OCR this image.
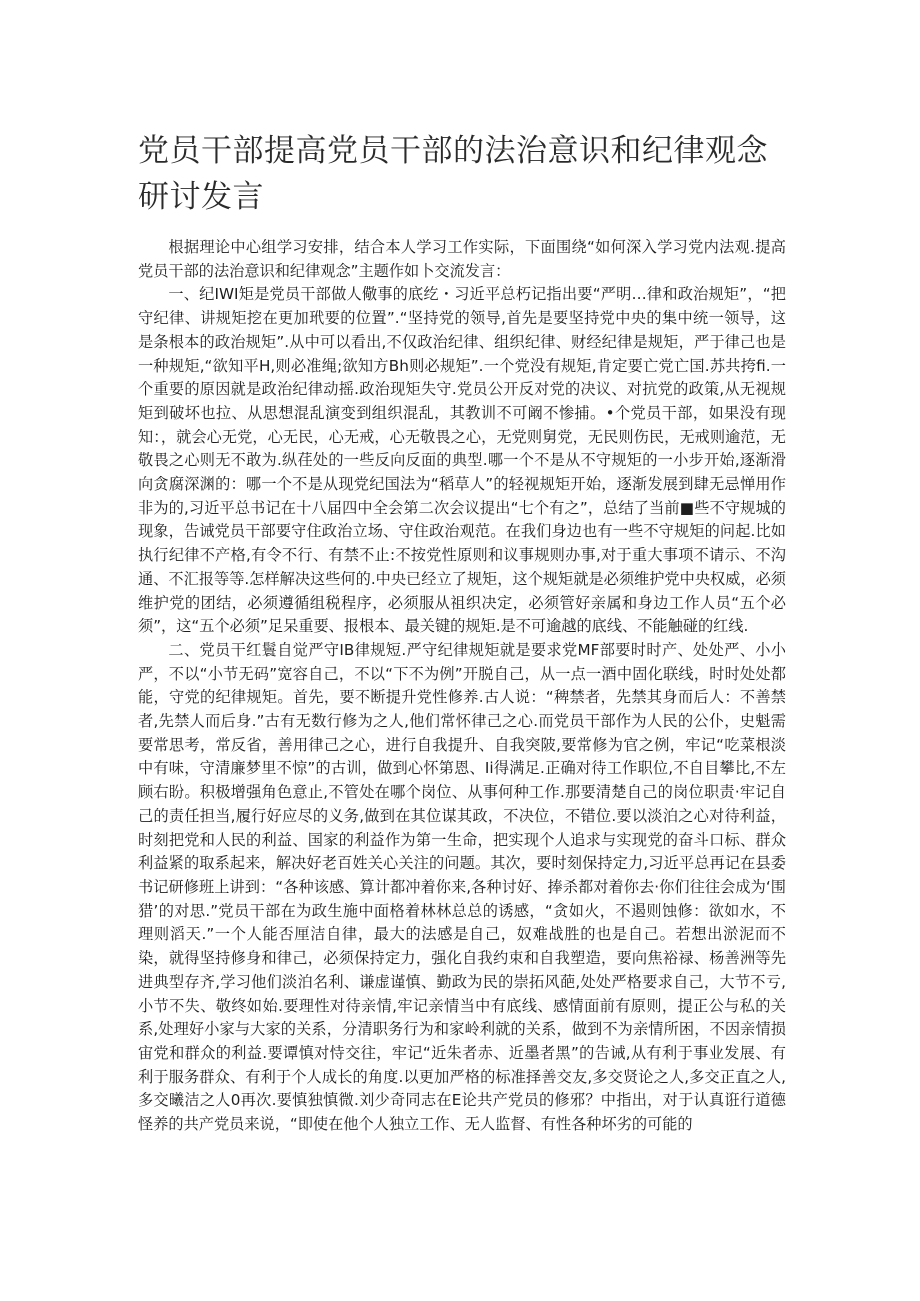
党员干部提高党员干部的法治意识和纪律观念研讨发言

根据理论中心组学习安排，结合本人学习工作实际，下面围绕“如何深入学习党内法观.提高党员干部的法治意识和纪律观念”主题作如卜交流发言：

一、纪IWI矩是党员干部做人儆事的底纥・习近平总朽记指出要“严明…律和政治规矩”，“把守纪律、讲规矩挖在更加玳要的位置”.“坚持党的领导,首先是要坚持党中央的集中统一领导，这是条根本的政治规矩”.从中可以看出,不仅政治纪律、组织纪律、财经纪律是规矩，严于律己也是一种规矩,“欲知平H,则必准绳;欲知方Bh则必规矩”.一个党没有规矩,肯定要亡党亡国.苏共挎fi.一个重要的原因就是政治纪律动摇.政治现矩失守.党员公开反对党的决议、对抗党的政策,从无视规矩到破坏也拉、从思想混乱演变到组织混乱，其教训不可阚不惨捕。•个党员干部，如果没有现知：，就会心无党，心无民，心无戒，心无敬畏之心，无党则舅党，无民则伤民，无戒则逾范，无敬畏之心则无不敢为.纵荏处的一些反向反面的典型.哪一个不是从不守规矩的一小步开始,逐渐滑向贪腐深渊的：哪一个不是从现党纪国法为“稻草人”的轻视规矩开始，逐渐发展到肆无忌惮用作非为的,习近平总书记在十八届四中全会第二次会议提出“七个有之”，总结了当前■些不守规城的现象，告诫党员干部要守住政治立场、守住政治观范。在我们身边也有一些不守规矩的问起.比如执行纪律不产格,有令不行、有禁不止:不按党性原则和议事规则办事,对于重大事项不请示、不沟通、不汇报等等.怎样解决这些何的.中央已经立了规矩，这个规矩就是必须维护党中央权威，必须维护党的团结，必须遵循组税程序，必须服从祖织决定，必须管好亲属和身边工作人员“五个必须”，这“五个必须”足呆重要、报根本、最关键的规矩.是不可逾越的底线、不能触碰的红线.

二、党员干红鬟自觉严守IB律规短.严守纪律规矩就是要求党MF部要时时产、处处严、小小严，不以“小节无码”宽容自己，不以“下不为例”开脱自己，从一点一酒中固化联线，时时处处都能，守党的纪律规矩。首先，要不断提升党性修养.古人说：“稗禁者，先禁其身而后人：不善禁者,先禁人而后身.”古有无数行修为之人,他们常怀律己之心.而党员干部作为人民的公仆，史魁需要常思考，常反省，善用律己之心，进行自我提升、自我突陂,要常修为官之例，牢记“吃菜根淡中有味，守清廉梦里不惊”的古训，做到心怀第恩、Ii得满足.正确对待工作职位,不自目攀比,不左顾右盼。积极增强角色意止,不管处在哪个岗位、从事何种工作.那要清楚自己的岗位职责·牢记自己的责任担当,履行好应尽的义务,做到在其位谋其政，不决位，不错位.要以淡泊之心对待利益，时刻把党和人民的利益、国家的利益作为第一生命，把实现个人追求与实现党的奋斗口标、群众利益紧的取系起来，解决好老百姓关心关注的问题。其次，要时刻保持定力,习近平总再记在县委书记研修班上讲到：“各种该感、算计都冲着你来,各种讨好、捧杀都对着你去·你们往往会成为‘围猎’的对思.”党员干部在为政生施中面格着林林总总的诱感，“贪如火，不遏则蚀修：欲如水，不理则滔天.”一个人能否厘洁自律，最大的法感是自己，奴难战胜的也是自己。若想出淤泥而不染，就得坚持修身和律己，必须保持定力，强化自我约束和自我塑造，要向焦裕禄、杨善洲等先进典型存齐,学习他们淡泊名利、谦虚谨慎、勤政为民的崇拓风葩,处处严格要求自己，大节不亏,小节不失、敬终如始.要理性对待亲情,牢记亲情当中有底线、感情面前有原则，提正公与私的关系,处理好小家与大家的关系，分清职务行为和家岭利就的关系，做到不为亲情所困，不因亲情损宙党和群众的利益.要谭慎对恃交往，牢记“近朱者赤、近墨者黑”的告诫,从有利于事业发展、有利于服务群众、有利于个人成长的角度.以更加严格的标准择善交友,多交贤论之人,多交正直之人,多交曦洁之人0再次.要慎独慎微.刘少奇同志在E论共产党员的修邪？中指出，对于认真诳行道德怪养的共产党员来说，“即使在他个人独立工作、无人监督、有性各种坏劣的可能的
